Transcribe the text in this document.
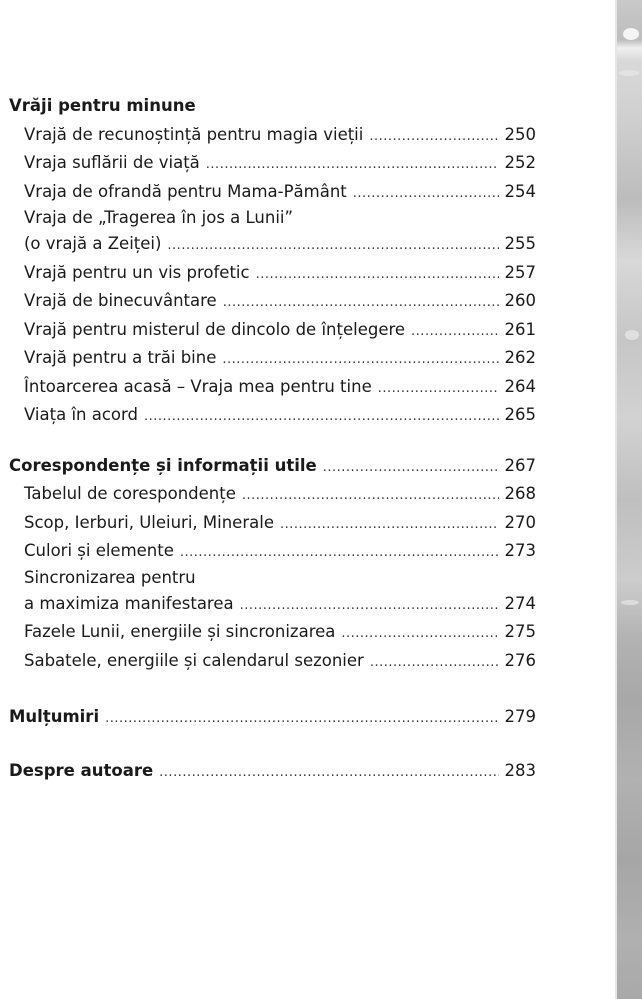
Vrăji pentru minune
Vrajă de recunoștință pentru magia vieții .....	250
Vraja suflării de viață .....	252
Vraja de ofrandă pentru Mama-Pământ .....	254
Vraja de „Tragerea în jos a Lunii”
(o vrajă a Zeiței) .....	255
Vrajă pentru un vis profetic .....	257
Vrajă de binecuvântare .....	260
Vrajă pentru misterul de dincolo de înțelegere .....	261
Vrajă pentru a trăi bine .....	262
Întoarcerea acasă – Vraja mea pentru tine .....	264
Viața în acord .....	265
Corespondențe și informații utile .....	267
Tabelul de corespondențe .....	268
Scop, Ierburi, Uleiuri, Minerale .....	270
Culori și elemente .....	273
Sincronizarea pentru
a maximiza manifestarea .....	274
Fazele Lunii, energiile și sincronizarea .....	275
Sabatele, energiile și calendarul sezonier .....	276
Mulțumiri .....	279
Despre autoare .....	283
